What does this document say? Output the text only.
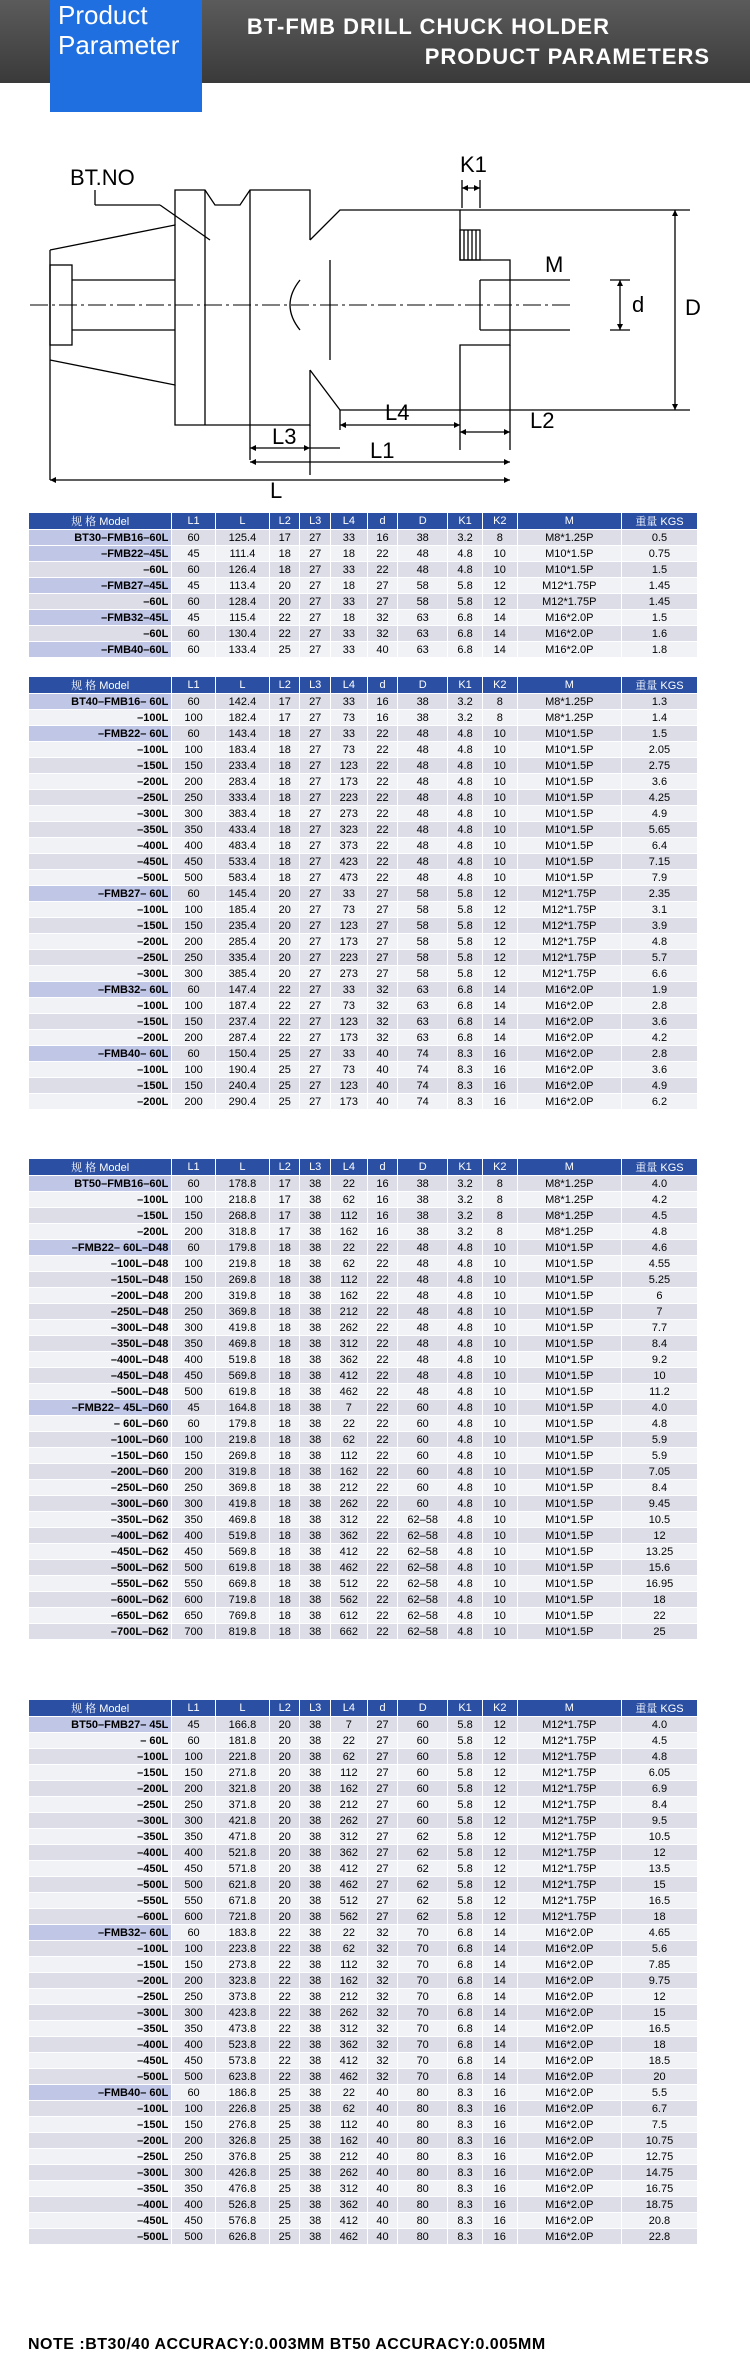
Product
Parameter
BT-FMB DRILL CHUCK HOLDER
PRODUCT PARAMETERS
BT.NO
K1
M
d D
L2
L4
L3
L1
L
规 格 Model	L1	L	L2	L3	L4	d	D	K1	K2	M	重量 KGS
BT30–FMB16–60L	60	125.4	17	27	33	16	38	3.2	8	M8*1.25P	0.5
–FMB22–45L	45	111.4	18	27	18	22	48	4.8	10	M10*1.5P	0.75
–60L	60	126.4	18	27	33	22	48	4.8	10	M10*1.5P	1.5
–FMB27–45L	45	113.4	20	27	18	27	58	5.8	12	M12*1.75P	1.45
–60L	60	128.4	20	27	33	27	58	5.8	12	M12*1.75P	1.45
–FMB32–45L	45	115.4	22	27	18	32	63	6.8	14	M16*2.0P	1.5
–60L	60	130.4	22	27	33	32	63	6.8	14	M16*2.0P	1.6
–FMB40–60L	60	133.4	25	27	33	40	63	6.8	14	M16*2.0P	1.8
规 格 Model	L1	L	L2	L3	L4	d	D	K1	K2	M	重量 KGS
BT40–FMB16– 60L	60	142.4	17	27	33	16	38	3.2	8	M8*1.25P	1.3
–100L	100	182.4	17	27	73	16	38	3.2	8	M8*1.25P	1.4
–FMB22– 60L	60	143.4	18	27	33	22	48	4.8	10	M10*1.5P	1.5
–100L	100	183.4	18	27	73	22	48	4.8	10	M10*1.5P	2.05
–150L	150	233.4	18	27	123	22	48	4.8	10	M10*1.5P	2.75
–200L	200	283.4	18	27	173	22	48	4.8	10	M10*1.5P	3.6
–250L	250	333.4	18	27	223	22	48	4.8	10	M10*1.5P	4.25
–300L	300	383.4	18	27	273	22	48	4.8	10	M10*1.5P	4.9
–350L	350	433.4	18	27	323	22	48	4.8	10	M10*1.5P	5.65
–400L	400	483.4	18	27	373	22	48	4.8	10	M10*1.5P	6.4
–450L	450	533.4	18	27	423	22	48	4.8	10	M10*1.5P	7.15
–500L	500	583.4	18	27	473	22	48	4.8	10	M10*1.5P	7.9
–FMB27– 60L	60	145.4	20	27	33	27	58	5.8	12	M12*1.75P	2.35
–100L	100	185.4	20	27	73	27	58	5.8	12	M12*1.75P	3.1
–150L	150	235.4	20	27	123	27	58	5.8	12	M12*1.75P	3.9
–200L	200	285.4	20	27	173	27	58	5.8	12	M12*1.75P	4.8
–250L	250	335.4	20	27	223	27	58	5.8	12	M12*1.75P	5.7
–300L	300	385.4	20	27	273	27	58	5.8	12	M12*1.75P	6.6
–FMB32– 60L	60	147.4	22	27	33	32	63	6.8	14	M16*2.0P	1.9
–100L	100	187.4	22	27	73	32	63	6.8	14	M16*2.0P	2.8
–150L	150	237.4	22	27	123	32	63	6.8	14	M16*2.0P	3.6
–200L	200	287.4	22	27	173	32	63	6.8	14	M16*2.0P	4.2
–FMB40– 60L	60	150.4	25	27	33	40	74	8.3	16	M16*2.0P	2.8
–100L	100	190.4	25	27	73	40	74	8.3	16	M16*2.0P	3.6
–150L	150	240.4	25	27	123	40	74	8.3	16	M16*2.0P	4.9
–200L	200	290.4	25	27	173	40	74	8.3	16	M16*2.0P	6.2
规 格 Model	L1	L	L2	L3	L4	d	D	K1	K2	M	重量 KGS
BT50–FMB16–60L	60	178.8	17	38	22	16	38	3.2	8	M8*1.25P	4.0
–100L	100	218.8	17	38	62	16	38	3.2	8	M8*1.25P	4.2
–150L	150	268.8	17	38	112	16	38	3.2	8	M8*1.25P	4.5
–200L	200	318.8	17	38	162	16	38	3.2	8	M8*1.25P	4.8
–FMB22– 60L–D48	60	179.8	18	38	22	22	48	4.8	10	M10*1.5P	4.6
–100L–D48	100	219.8	18	38	62	22	48	4.8	10	M10*1.5P	4.55
–150L–D48	150	269.8	18	38	112	22	48	4.8	10	M10*1.5P	5.25
–200L–D48	200	319.8	18	38	162	22	48	4.8	10	M10*1.5P	6
–250L–D48	250	369.8	18	38	212	22	48	4.8	10	M10*1.5P	7
–300L–D48	300	419.8	18	38	262	22	48	4.8	10	M10*1.5P	7.7
–350L–D48	350	469.8	18	38	312	22	48	4.8	10	M10*1.5P	8.4
–400L–D48	400	519.8	18	38	362	22	48	4.8	10	M10*1.5P	9.2
–450L–D48	450	569.8	18	38	412	22	48	4.8	10	M10*1.5P	10
–500L–D48	500	619.8	18	38	462	22	48	4.8	10	M10*1.5P	11.2
–FMB22– 45L–D60	45	164.8	18	38	7	22	60	4.8	10	M10*1.5P	4.0
– 60L–D60	60	179.8	18	38	22	22	60	4.8	10	M10*1.5P	4.8
–100L–D60	100	219.8	18	38	62	22	60	4.8	10	M10*1.5P	5.9
–150L–D60	150	269.8	18	38	112	22	60	4.8	10	M10*1.5P	5.9
–200L–D60	200	319.8	18	38	162	22	60	4.8	10	M10*1.5P	7.05
–250L–D60	250	369.8	18	38	212	22	60	4.8	10	M10*1.5P	8.4
–300L–D60	300	419.8	18	38	262	22	60	4.8	10	M10*1.5P	9.45
–350L–D62	350	469.8	18	38	312	22	62–58	4.8	10	M10*1.5P	10.5
–400L–D62	400	519.8	18	38	362	22	62–58	4.8	10	M10*1.5P	12
–450L–D62	450	569.8	18	38	412	22	62–58	4.8	10	M10*1.5P	13.25
–500L–D62	500	619.8	18	38	462	22	62–58	4.8	10	M10*1.5P	15.6
–550L–D62	550	669.8	18	38	512	22	62–58	4.8	10	M10*1.5P	16.95
–600L–D62	600	719.8	18	38	562	22	62–58	4.8	10	M10*1.5P	18
–650L–D62	650	769.8	18	38	612	22	62–58	4.8	10	M10*1.5P	22
–700L–D62	700	819.8	18	38	662	22	62–58	4.8	10	M10*1.5P	25
规 格 Model	L1	L	L2	L3	L4	d	D	K1	K2	M	重量 KGS
BT50–FMB27– 45L	45	166.8	20	38	7	27	60	5.8	12	M12*1.75P	4.0
– 60L	60	181.8	20	38	22	27	60	5.8	12	M12*1.75P	4.5
–100L	100	221.8	20	38	62	27	60	5.8	12	M12*1.75P	4.8
–150L	150	271.8	20	38	112	27	60	5.8	12	M12*1.75P	6.05
–200L	200	321.8	20	38	162	27	60	5.8	12	M12*1.75P	6.9
–250L	250	371.8	20	38	212	27	60	5.8	12	M12*1.75P	8.4
–300L	300	421.8	20	38	262	27	60	5.8	12	M12*1.75P	9.5
–350L	350	471.8	20	38	312	27	62	5.8	12	M12*1.75P	10.5
–400L	400	521.8	20	38	362	27	62	5.8	12	M12*1.75P	12
–450L	450	571.8	20	38	412	27	62	5.8	12	M12*1.75P	13.5
–500L	500	621.8	20	38	462	27	62	5.8	12	M12*1.75P	15
–550L	550	671.8	20	38	512	27	62	5.8	12	M12*1.75P	16.5
–600L	600	721.8	20	38	562	27	62	5.8	12	M12*1.75P	18
–FMB32– 60L	60	183.8	22	38	22	32	70	6.8	14	M16*2.0P	4.65
–100L	100	223.8	22	38	62	32	70	6.8	14	M16*2.0P	5.6
–150L	150	273.8	22	38	112	32	70	6.8	14	M16*2.0P	7.85
–200L	200	323.8	22	38	162	32	70	6.8	14	M16*2.0P	9.75
–250L	250	373.8	22	38	212	32	70	6.8	14	M16*2.0P	12
–300L	300	423.8	22	38	262	32	70	6.8	14	M16*2.0P	15
–350L	350	473.8	22	38	312	32	70	6.8	14	M16*2.0P	16.5
–400L	400	523.8	22	38	362	32	70	6.8	14	M16*2.0P	18
–450L	450	573.8	22	38	412	32	70	6.8	14	M16*2.0P	18.5
–500L	500	623.8	22	38	462	32	70	6.8	14	M16*2.0P	20
–FMB40– 60L	60	186.8	25	38	22	40	80	8.3	16	M16*2.0P	5.5
–100L	100	226.8	25	38	62	40	80	8.3	16	M16*2.0P	6.7
–150L	150	276.8	25	38	112	40	80	8.3	16	M16*2.0P	7.5
–200L	200	326.8	25	38	162	40	80	8.3	16	M16*2.0P	10.75
–250L	250	376.8	25	38	212	40	80	8.3	16	M16*2.0P	12.75
–300L	300	426.8	25	38	262	40	80	8.3	16	M16*2.0P	14.75
–350L	350	476.8	25	38	312	40	80	8.3	16	M16*2.0P	16.75
–400L	400	526.8	25	38	362	40	80	8.3	16	M16*2.0P	18.75
–450L	450	576.8	25	38	412	40	80	8.3	16	M16*2.0P	20.8
–500L	500	626.8	25	38	462	40	80	8.3	16	M16*2.0P	22.8
NOTE :BT30/40 ACCURACY:0.003MM BT50 ACCURACY:0.005MM
